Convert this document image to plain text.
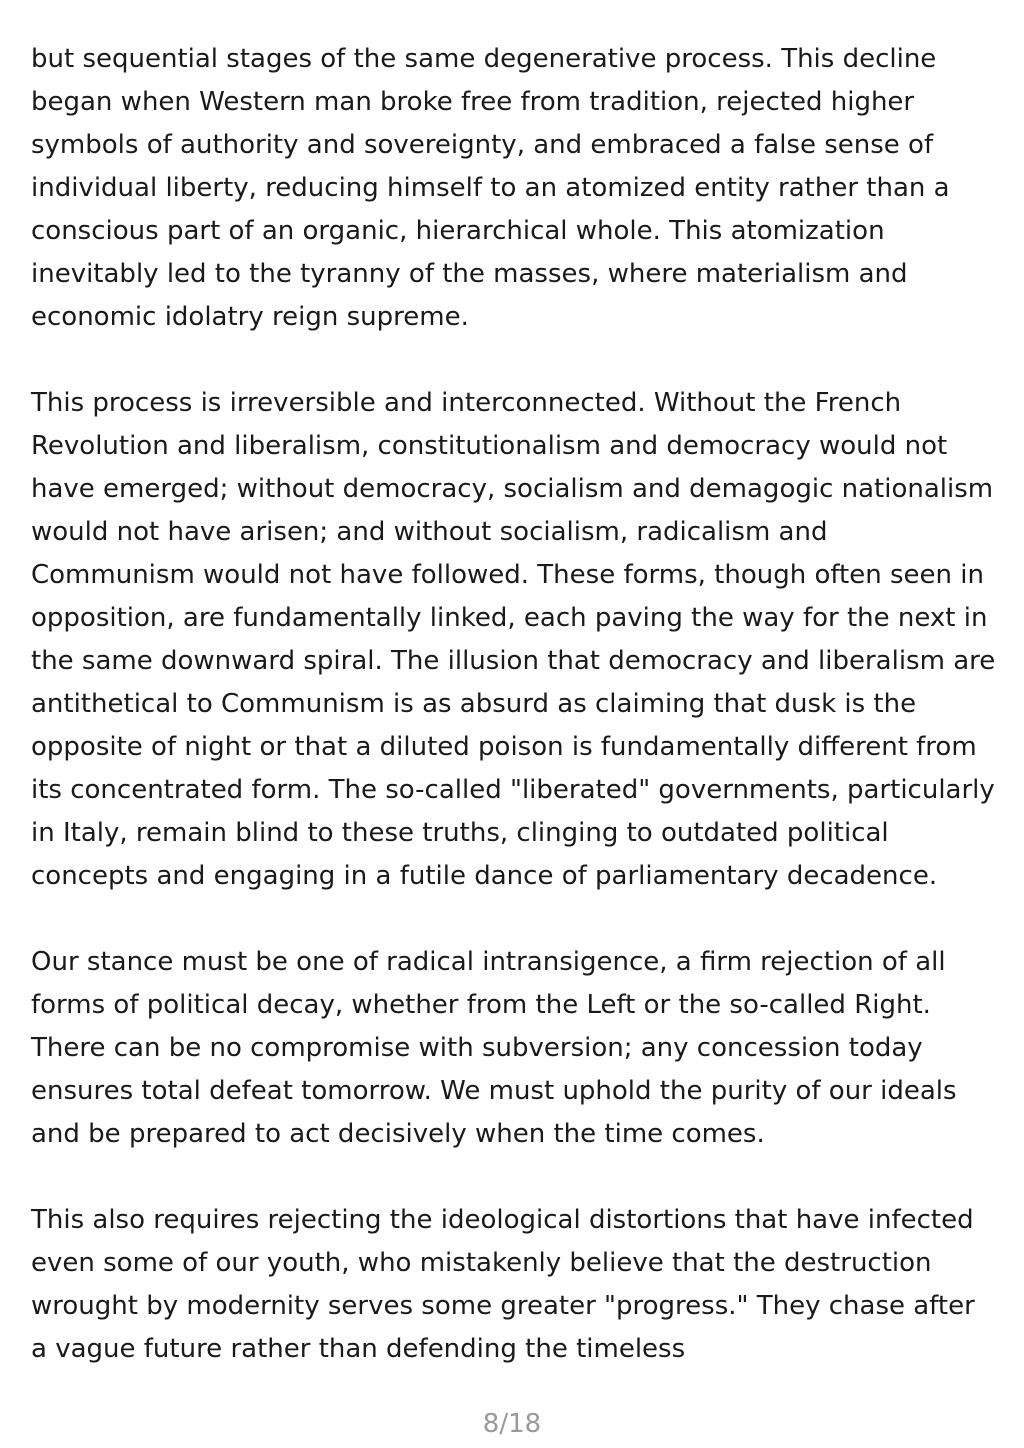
but sequential stages of the same degenerative process. This decline began when Western man broke free from tradition, rejected higher symbols of authority and sovereignty, and embraced a false sense of individual liberty, reducing himself to an atomized entity rather than a conscious part of an organic, hierarchical whole. This atomization inevitably led to the tyranny of the masses, where materialism and economic idolatry reign supreme.

This process is irreversible and interconnected. Without the French Revolution and liberalism, constitutionalism and democracy would not have emerged; without democracy, socialism and demagogic nationalism would not have arisen; and without socialism, radicalism and Communism would not have followed. These forms, though often seen in opposition, are fundamentally linked, each paving the way for the next in the same downward spiral. The illusion that democracy and liberalism are antithetical to Communism is as absurd as claiming that dusk is the opposite of night or that a diluted poison is fundamentally different from its concentrated form. The so-called "liberated" governments, particularly in Italy, remain blind to these truths, clinging to outdated political concepts and engaging in a futile dance of parliamentary decadence.

Our stance must be one of radical intransigence, a firm rejection of all forms of political decay, whether from the Left or the so-called Right. There can be no compromise with subversion; any concession today ensures total defeat tomorrow. We must uphold the purity of our ideals and be prepared to act decisively when the time comes.

This also requires rejecting the ideological distortions that have infected even some of our youth, who mistakenly believe that the destruction wrought by modernity serves some greater "progress." They chase after a vague future rather than defending the timeless

8/18
